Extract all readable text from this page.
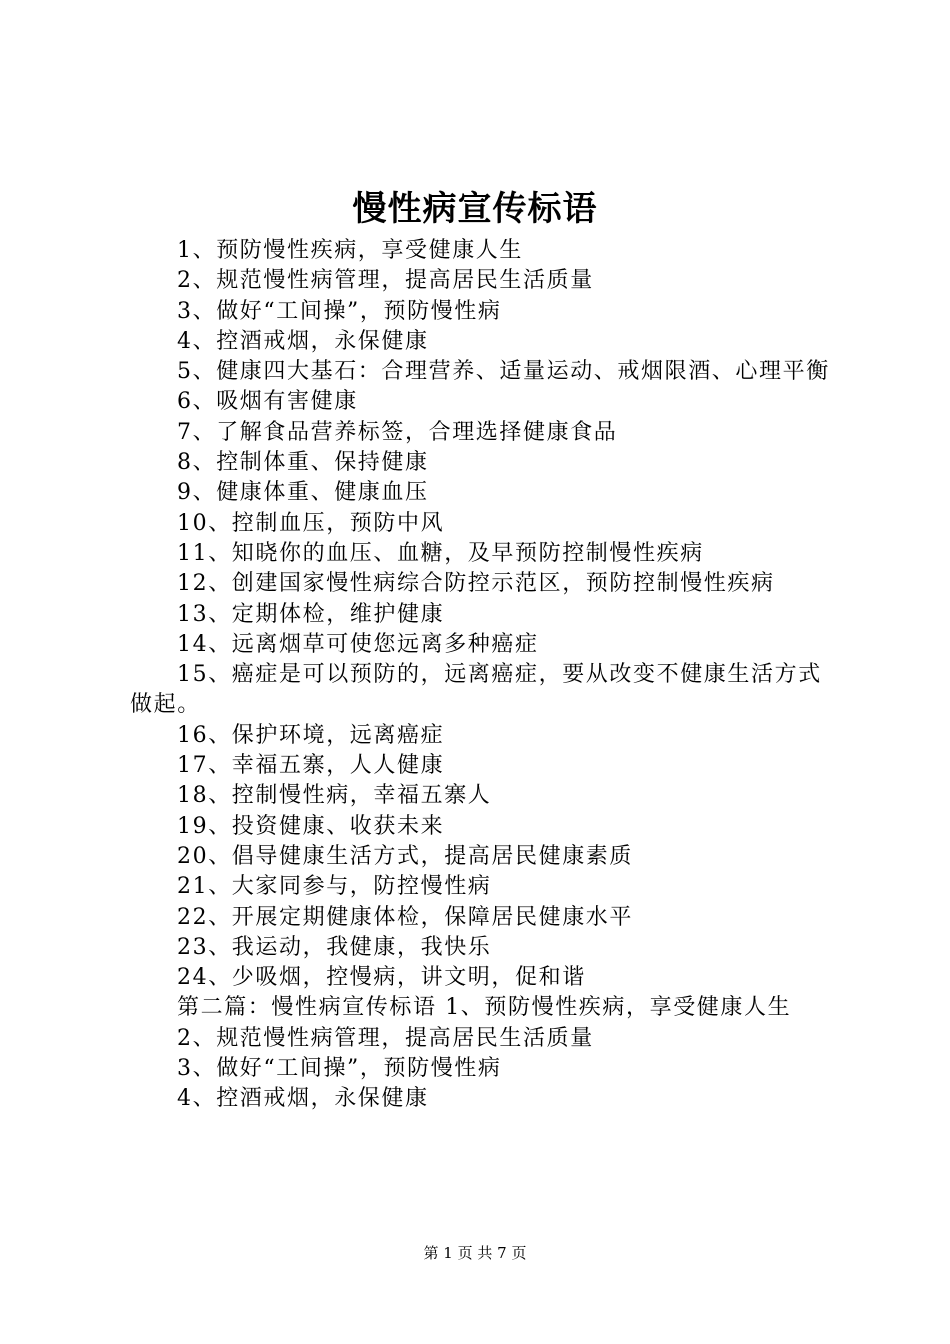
慢性病宣传标语

1、预防慢性疾病，享受健康人生

2、规范慢性病管理，提高居民生活质量

3、做好“工间操”，预防慢性病

4、控酒戒烟，永保健康

5、健康四大基石：合理营养、适量运动、戒烟限酒、心理平衡

6、吸烟有害健康

7、了解食品营养标签，合理选择健康食品

8、控制体重、保持健康

9、健康体重、健康血压

10、控制血压，预防中风

11、知晓你的血压、血糖，及早预防控制慢性疾病

12、创建国家慢性病综合防控示范区，预防控制慢性疾病

13、定期体检，维护健康

14、远离烟草可使您远离多种癌症

15、癌症是可以预防的，远离癌症，要从改变不健康生活方式做起。

16、保护环境，远离癌症

17、幸福五寨，人人健康

18、控制慢性病，幸福五寨人

19、投资健康、收获未来

20、倡导健康生活方式，提高居民健康素质

21、大家同参与，防控慢性病

22、开展定期健康体检，保障居民健康水平

23、我运动，我健康，我快乐

24、少吸烟，控慢病，讲文明，促和谐

第二篇：慢性病宣传标语 1、预防慢性疾病，享受健康人生

2、规范慢性病管理，提高居民生活质量

3、做好“工间操”，预防慢性病

4、控酒戒烟，永保健康

第 1 页 共 7 页
